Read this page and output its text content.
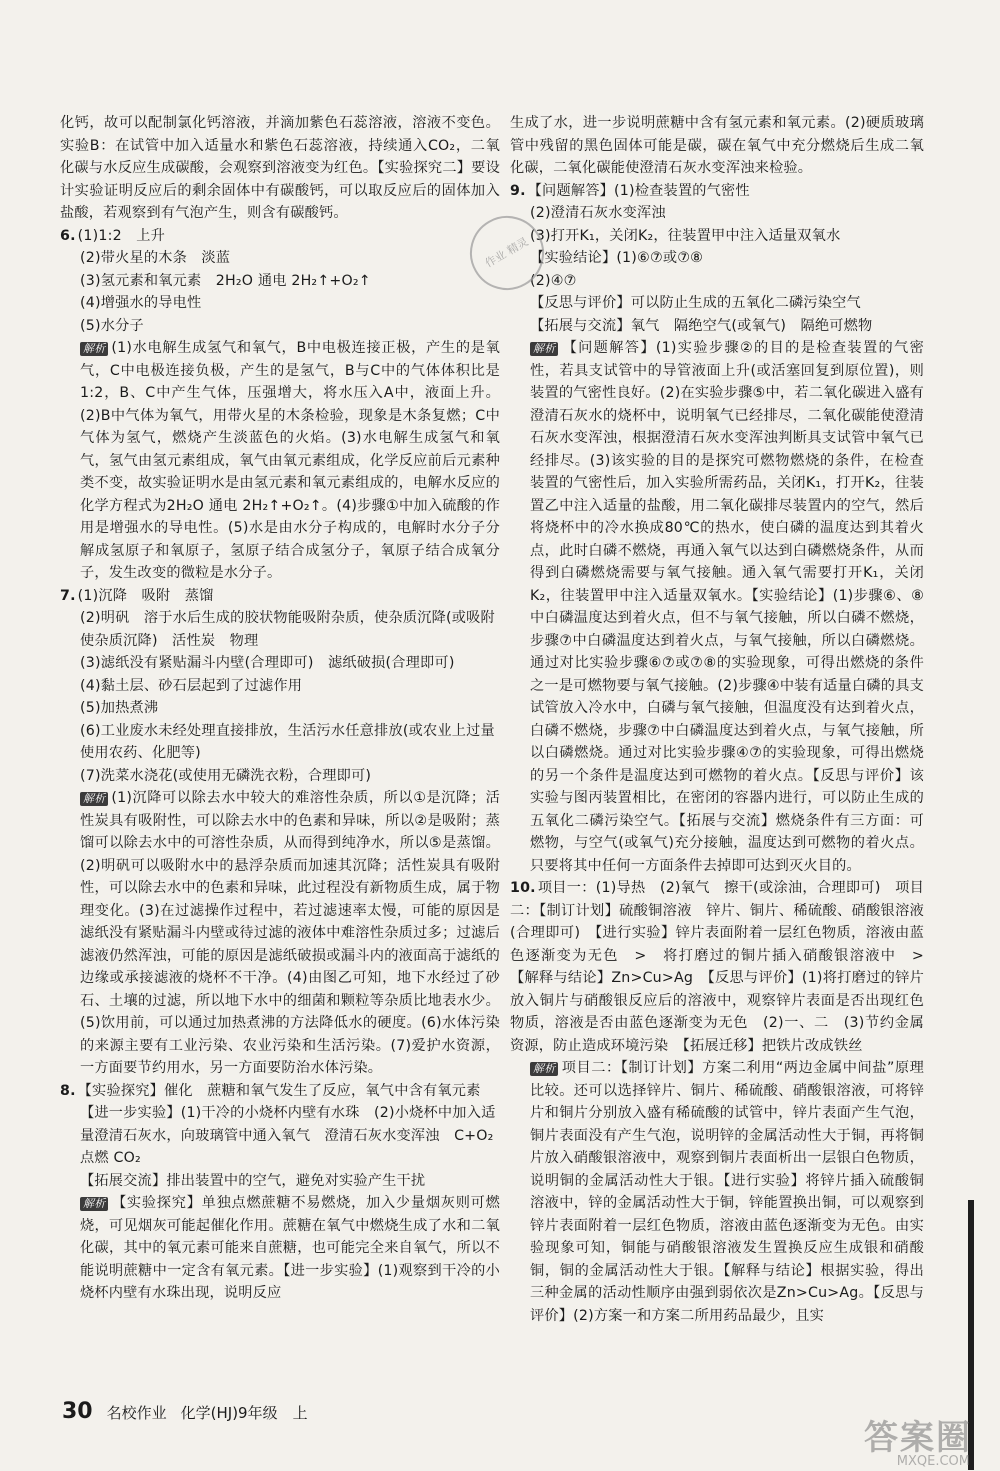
化钙，故可以配制氯化钙溶液，并滴加紫色石蕊溶液，溶液不变色。实验B：在试管中加入适量水和紫色石蕊溶液，持续通入CO₂，二氧化碳与水反应生成碳酸，会观察到溶液变为红色。【实验探究二】要设计实验证明反应后的剩余固体中有碳酸钙，可以取反应后的固体加入盐酸，若观察到有气泡产生，则含有碳酸钙。

6. (1)1:2　上升

(2)带火星的木条　淡蓝

(3)氢元素和氧元素　2H₂O 通电 2H₂↑+O₂↑

(4)增强水的导电性

(5)水分子

解析 (1)水电解生成氢气和氧气，B中电极连接正极，产生的是氧气，C中电极连接负极，产生的是氢气，B与C中的气体体积比是1:2，B、C中产生气体，压强增大，将水压入A中，液面上升。(2)B中气体为氧气，用带火星的木条检验，现象是木条复燃；C中气体为氢气，燃烧产生淡蓝色的火焰。(3)水电解生成氢气和氧气，氢气由氢元素组成，氧气由氧元素组成，化学反应前后元素种类不变，故实验证明水是由氢元素和氧元素组成的，电解水反应的化学方程式为2H₂O 通电 2H₂↑+O₂↑。(4)步骤①中加入硫酸的作用是增强水的导电性。(5)水是由水分子构成的，电解时水分子分解成氢原子和氧原子，氢原子结合成氢分子，氧原子结合成氧分子，发生改变的微粒是水分子。

7. (1)沉降　吸附　蒸馏

(2)明矾　溶于水后生成的胶状物能吸附杂质，使杂质沉降(或吸附使杂质沉降)　活性炭　物理

(3)滤纸没有紧贴漏斗内壁(合理即可)　滤纸破损(合理即可)

(4)黏土层、砂石层起到了过滤作用

(5)加热煮沸

(6)工业废水未经处理直接排放，生活污水任意排放(或农业上过量使用农药、化肥等)

(7)洗菜水浇花(或使用无磷洗衣粉，合理即可)

解析 (1)沉降可以除去水中较大的难溶性杂质，所以①是沉降；活性炭具有吸附性，可以除去水中的色素和异味，所以②是吸附；蒸馏可以除去水中的可溶性杂质，从而得到纯净水，所以⑤是蒸馏。(2)明矾可以吸附水中的悬浮杂质而加速其沉降；活性炭具有吸附性，可以除去水中的色素和异味，此过程没有新物质生成，属于物理变化。(3)在过滤操作过程中，若过滤速率太慢，可能的原因是滤纸没有紧贴漏斗内壁或待过滤的液体中难溶性杂质过多；过滤后滤液仍然浑浊，可能的原因是滤纸破损或漏斗内的液面高于滤纸的边缘或承接滤液的烧杯不干净。(4)由图乙可知，地下水经过了砂石、土壤的过滤，所以地下水中的细菌和颗粒等杂质比地表水少。(5)饮用前，可以通过加热煮沸的方法降低水的硬度。(6)水体污染的来源主要有工业污染、农业污染和生活污染。(7)爱护水资源，一方面要节约用水，另一方面要防治水体污染。

8. 【实验探究】催化　蔗糖和氧气发生了反应，氧气中含有氧元素

【进一步实验】(1)干冷的小烧杯内壁有水珠　(2)小烧杯中加入适量澄清石灰水，向玻璃管中通入氧气　澄清石灰水变浑浊　C+O₂ 点燃 CO₂

【拓展交流】排出装置中的空气，避免对实验产生干扰

解析 【实验探究】单独点燃蔗糖不易燃烧，加入少量烟灰则可燃烧，可见烟灰可能起催化作用。蔗糖在氧气中燃烧生成了水和二氧化碳，其中的氧元素可能来自蔗糖，也可能完全来自氧气，所以不能说明蔗糖中一定含有氧元素。【进一步实验】(1)观察到干冷的小烧杯内壁有水珠出现，说明反应

生成了水，进一步说明蔗糖中含有氢元素和氧元素。(2)硬质玻璃管中残留的黑色固体可能是碳，碳在氧气中充分燃烧后生成二氧化碳，二氧化碳能使澄清石灰水变浑浊来检验。

9. 【问题解答】(1)检查装置的气密性

(2)澄清石灰水变浑浊

(3)打开K₁，关闭K₂，往装置甲中注入适量双氧水

【实验结论】(1)⑥⑦或⑦⑧

(2)④⑦

【反思与评价】可以防止生成的五氧化二磷污染空气

【拓展与交流】氧气　隔绝空气(或氧气)　隔绝可燃物

解析 【问题解答】(1)实验步骤②的目的是检查装置的气密性，若具支试管中的导管液面上升(或活塞回复到原位置)，则装置的气密性良好。(2)在实验步骤⑤中，若二氧化碳进入盛有澄清石灰水的烧杯中，说明氧气已经排尽，二氧化碳能使澄清石灰水变浑浊，根据澄清石灰水变浑浊判断具支试管中氧气已经排尽。(3)该实验的目的是探究可燃物燃烧的条件，在检查装置的气密性后，加入实验所需药品，关闭K₁，打开K₂，往装置乙中注入适量的盐酸，用二氧化碳排尽装置内的空气，然后将烧杯中的冷水换成80℃的热水，使白磷的温度达到其着火点，此时白磷不燃烧，再通入氧气以达到白磷燃烧条件，从而得到白磷燃烧需要与氧气接触。通入氧气需要打开K₁，关闭K₂，往装置甲中注入适量双氧水。【实验结论】(1)步骤⑥、⑧中白磷温度达到着火点，但不与氧气接触，所以白磷不燃烧，步骤⑦中白磷温度达到着火点，与氧气接触，所以白磷燃烧。通过对比实验步骤⑥⑦或⑦⑧的实验现象，可得出燃烧的条件之一是可燃物要与氧气接触。(2)步骤④中装有适量白磷的具支试管放入冷水中，白磷与氧气接触，但温度没有达到着火点，白磷不燃烧，步骤⑦中白磷温度达到着火点，与氧气接触，所以白磷燃烧。通过对比实验步骤④⑦的实验现象，可得出燃烧的另一个条件是温度达到可燃物的着火点。【反思与评价】该实验与图丙装置相比，在密闭的容器内进行，可以防止生成的五氧化二磷污染空气。【拓展与交流】燃烧条件有三方面：可燃物，与空气(或氧气)充分接触，温度达到可燃物的着火点。只要将其中任何一方面条件去掉即可达到灭火目的。

10. 项目一：(1)导热　(2)氧气　擦干(或涂油，合理即可)　项目二：【制订计划】硫酸铜溶液　锌片、铜片、稀硫酸、硝酸银溶液(合理即可)　【进行实验】锌片表面附着一层红色物质，溶液由蓝色逐渐变为无色　>　将打磨过的铜片插入硝酸银溶液中　>　【解释与结论】Zn>Cu>Ag　【反思与评价】(1)将打磨过的锌片放入铜片与硝酸银反应后的溶液中，观察锌片表面是否出现红色物质，溶液是否由蓝色逐渐变为无色　(2)一、二　(3)节约金属资源，防止造成环境污染　【拓展迁移】把铁片改成铁丝

解析 项目二：【制订计划】方案二利用“两边金属中间盐”原理比较。还可以选择锌片、铜片、稀硫酸、硝酸银溶液，可将锌片和铜片分别放入盛有稀硫酸的试管中，锌片表面产生气泡，铜片表面没有产生气泡，说明锌的金属活动性大于铜，再将铜片放入硝酸银溶液中，观察到铜片表面析出一层银白色物质，说明铜的金属活动性大于银。【进行实验】将锌片插入硫酸铜溶液中，锌的金属活动性大于铜，锌能置换出铜，可以观察到锌片表面附着一层红色物质，溶液由蓝色逐渐变为无色。由实验现象可知，铜能与硝酸银溶液发生置换反应生成银和硝酸铜，铜的金属活动性大于银。【解释与结论】根据实验，得出三种金属的活动性顺序由强到弱依次是Zn>Cu>Ag。【反思与评价】(2)方案一和方案二所用药品最少，且实

作业 精灵
答案圈
MXQE.COM
30 名校作业 化学(HJ)9年级　上
